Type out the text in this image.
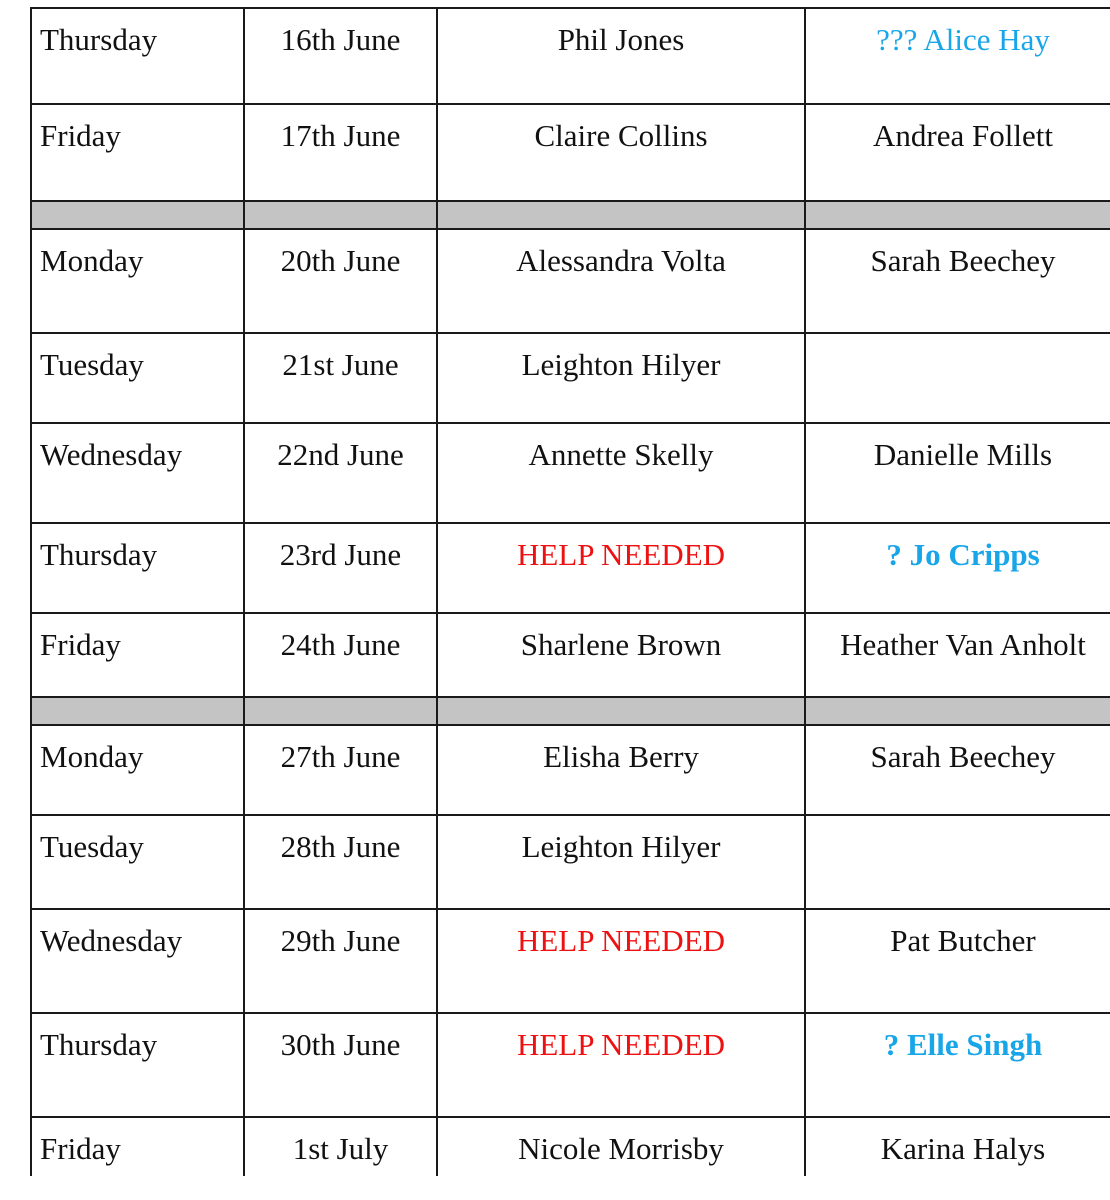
Thursday	16th June	Phil Jones	??? Alice Hay
Friday	17th June	Claire Collins	Andrea Follett

Monday	20th June	Alessandra Volta	Sarah Beechey
Tuesday	21st June	Leighton Hilyer	
Wednesday	22nd June	Annette Skelly	Danielle Mills
Thursday	23rd June	HELP NEEDED	? Jo Cripps
Friday	24th June	Sharlene Brown	Heather Van Anholt

Monday	27th June	Elisha Berry	Sarah Beechey
Tuesday	28th June	Leighton Hilyer	
Wednesday	29th June	HELP NEEDED	Pat Butcher
Thursday	30th June	HELP NEEDED	? Elle Singh
Friday	1st July	Nicole Morrisby	Karina Halys
